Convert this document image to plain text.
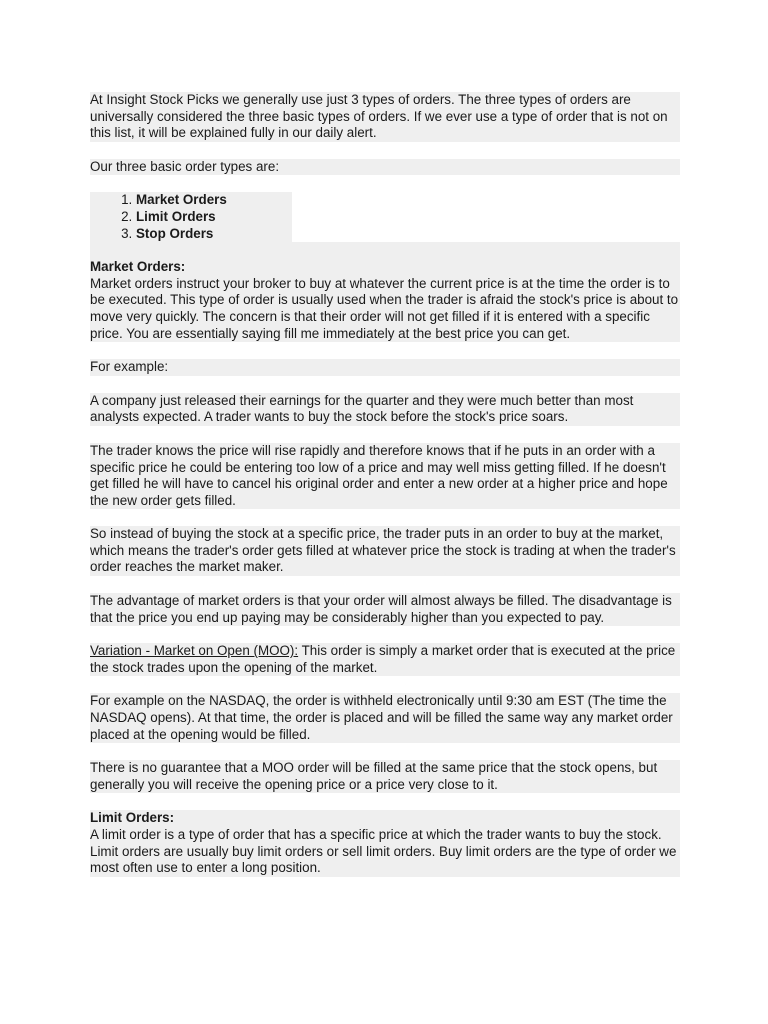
At Insight Stock Picks we generally use just 3 types of orders. The three types of orders are universally considered the three basic types of orders. If we ever use a type of order that is not on this list, it will be explained fully in our daily alert.

Our three basic order types are:

1. Market Orders
2. Limit Orders
3. Stop Orders

Market Orders:

Market orders instruct your broker to buy at whatever the current price is at the time the order is to be executed. This type of order is usually used when the trader is afraid the stock's price is about to move very quickly. The concern is that their order will not get filled if it is entered with a specific price. You are essentially saying fill me immediately at the best price you can get.

For example:

A company just released their earnings for the quarter and they were much better than most analysts expected. A trader wants to buy the stock before the stock's price soars.

The trader knows the price will rise rapidly and therefore knows that if he puts in an order with a specific price he could be entering too low of a price and may well miss getting filled. If he doesn't get filled he will have to cancel his original order and enter a new order at a higher price and hope the new order gets filled.

So instead of buying the stock at a specific price, the trader puts in an order to buy at the market, which means the trader's order gets filled at whatever price the stock is trading at when the trader's order reaches the market maker.

The advantage of market orders is that your order will almost always be filled. The disadvantage is that the price you end up paying may be considerably higher than you expected to pay.

Variation - Market on Open (MOO): This order is simply a market order that is executed at the price the stock trades upon the opening of the market.

For example on the NASDAQ, the order is withheld electronically until 9:30 am EST (The time the NASDAQ opens). At that time, the order is placed and will be filled the same way any market order placed at the opening would be filled.

There is no guarantee that a MOO order will be filled at the same price that the stock opens, but generally you will receive the opening price or a price very close to it.

Limit Orders:

A limit order is a type of order that has a specific price at which the trader wants to buy the stock. Limit orders are usually buy limit orders or sell limit orders. Buy limit orders are the type of order we most often use to enter a long position.
